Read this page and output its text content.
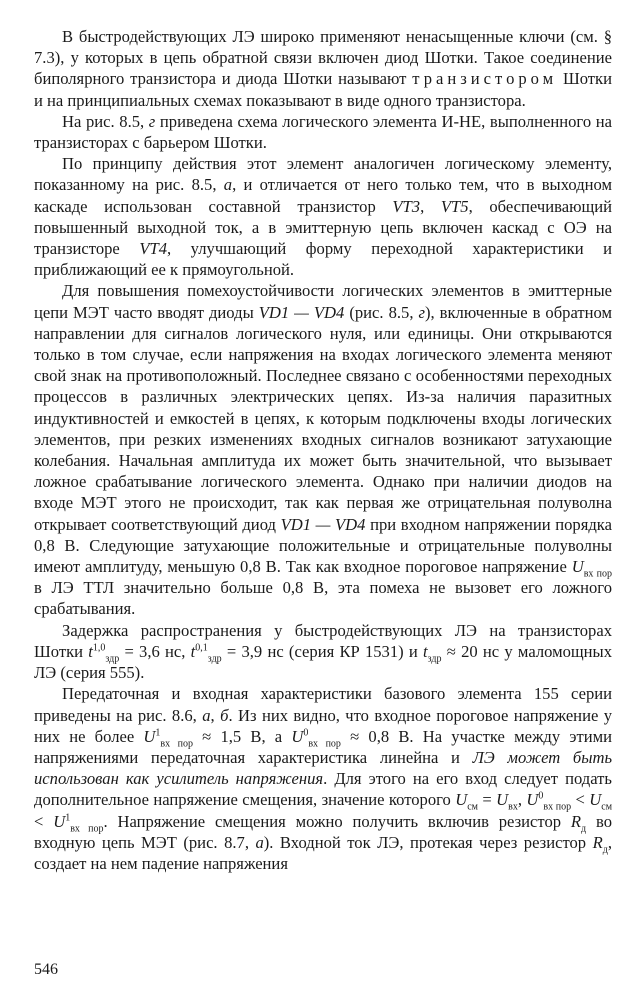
В быстродействующих ЛЭ широко применяют ненасыщенные ключи (см. § 7.3), у которых в цепь обратной связи включен диод Шотки. Такое соединение биполярного транзистора и диода Шотки называют транзистором Шотки и на принципиальных схемах показывают в виде одного транзистора.

На рис. 8.5, г приведена схема логического элемента И-НЕ, выполненного на транзисторах с барьером Шотки.

По принципу действия этот элемент аналогичен логическому элементу, показанному на рис. 8.5, а, и отличается от него только тем, что в выходном каскаде использован составной транзистор VT3, VT5, обеспечивающий повышенный выходной ток, а в эмиттерную цепь включен каскад с ОЭ на транзисторе VT4, улучшающий форму переходной характеристики и приближающий ее к прямоугольной.

Для повышения помехоустойчивости логических элементов в эмиттерные цепи МЭТ часто вводят диоды VD1 — VD4 (рис. 8.5, г), включенные в обратном направлении для сигналов логического нуля, или единицы. Они открываются только в том случае, если напряжения на входах логического элемента меняют свой знак на противоположный. Последнее связано с особенностями переходных процессов в различных электрических цепях. Из-за наличия паразитных индуктивностей и емкостей в цепях, к которым подключены входы логических элементов, при резких изменениях входных сигналов возникают затухающие колебания. Начальная амплитуда их может быть значительной, что вызывает ложное срабатывание логического элемента. Однако при наличии диодов на входе МЭТ этого не происходит, так как первая же отрицательная полуволна открывает соответствующий диод VD1 — VD4 при входном напряжении порядка 0,8 В. Следующие затухающие положительные и отрицательные полуволны имеют амплитуду, меньшую 0,8 В. Так как входное пороговое напряжение $U_{вх пор}$ в ЛЭ ТТЛ значительно больше 0,8 В, эта помеха не вызовет его ложного срабатывания.

Задержка распространения у быстродействующих ЛЭ на транзисторах Шотки $t^{1,0}_{здр} = 3,6$ нс, $t^{0,1}_{здр} = 3,9$ нс (серия КР 1531) и $t_{здр} \approx 20$ нс у маломощных ЛЭ (серия 555).

Передаточная и входная характеристики базового элемента 155 серии приведены на рис. 8.6, а, б. Из них видно, что входное пороговое напряжение у них не более $U^1_{вх пор} \approx 1,5$ В, а $U^0_{вх пор} \approx 0,8$ В. На участке между этими напряжениями передаточная характеристика линейна и ЛЭ может быть использован как усилитель напряжения. Для этого на его вход следует подать дополнительное напряжение смещения, значение которого $U_{см} = U_{вх}$, $U^0_{вх пор} < U_{см} < U^1_{вх пор}$. Напряжение смещения можно получить включив резистор $R_д$ во входную цепь МЭТ (рис. 8.7, а). Входной ток ЛЭ, протекая через резистор $R_д$, создает на нем падение напряжения

546
